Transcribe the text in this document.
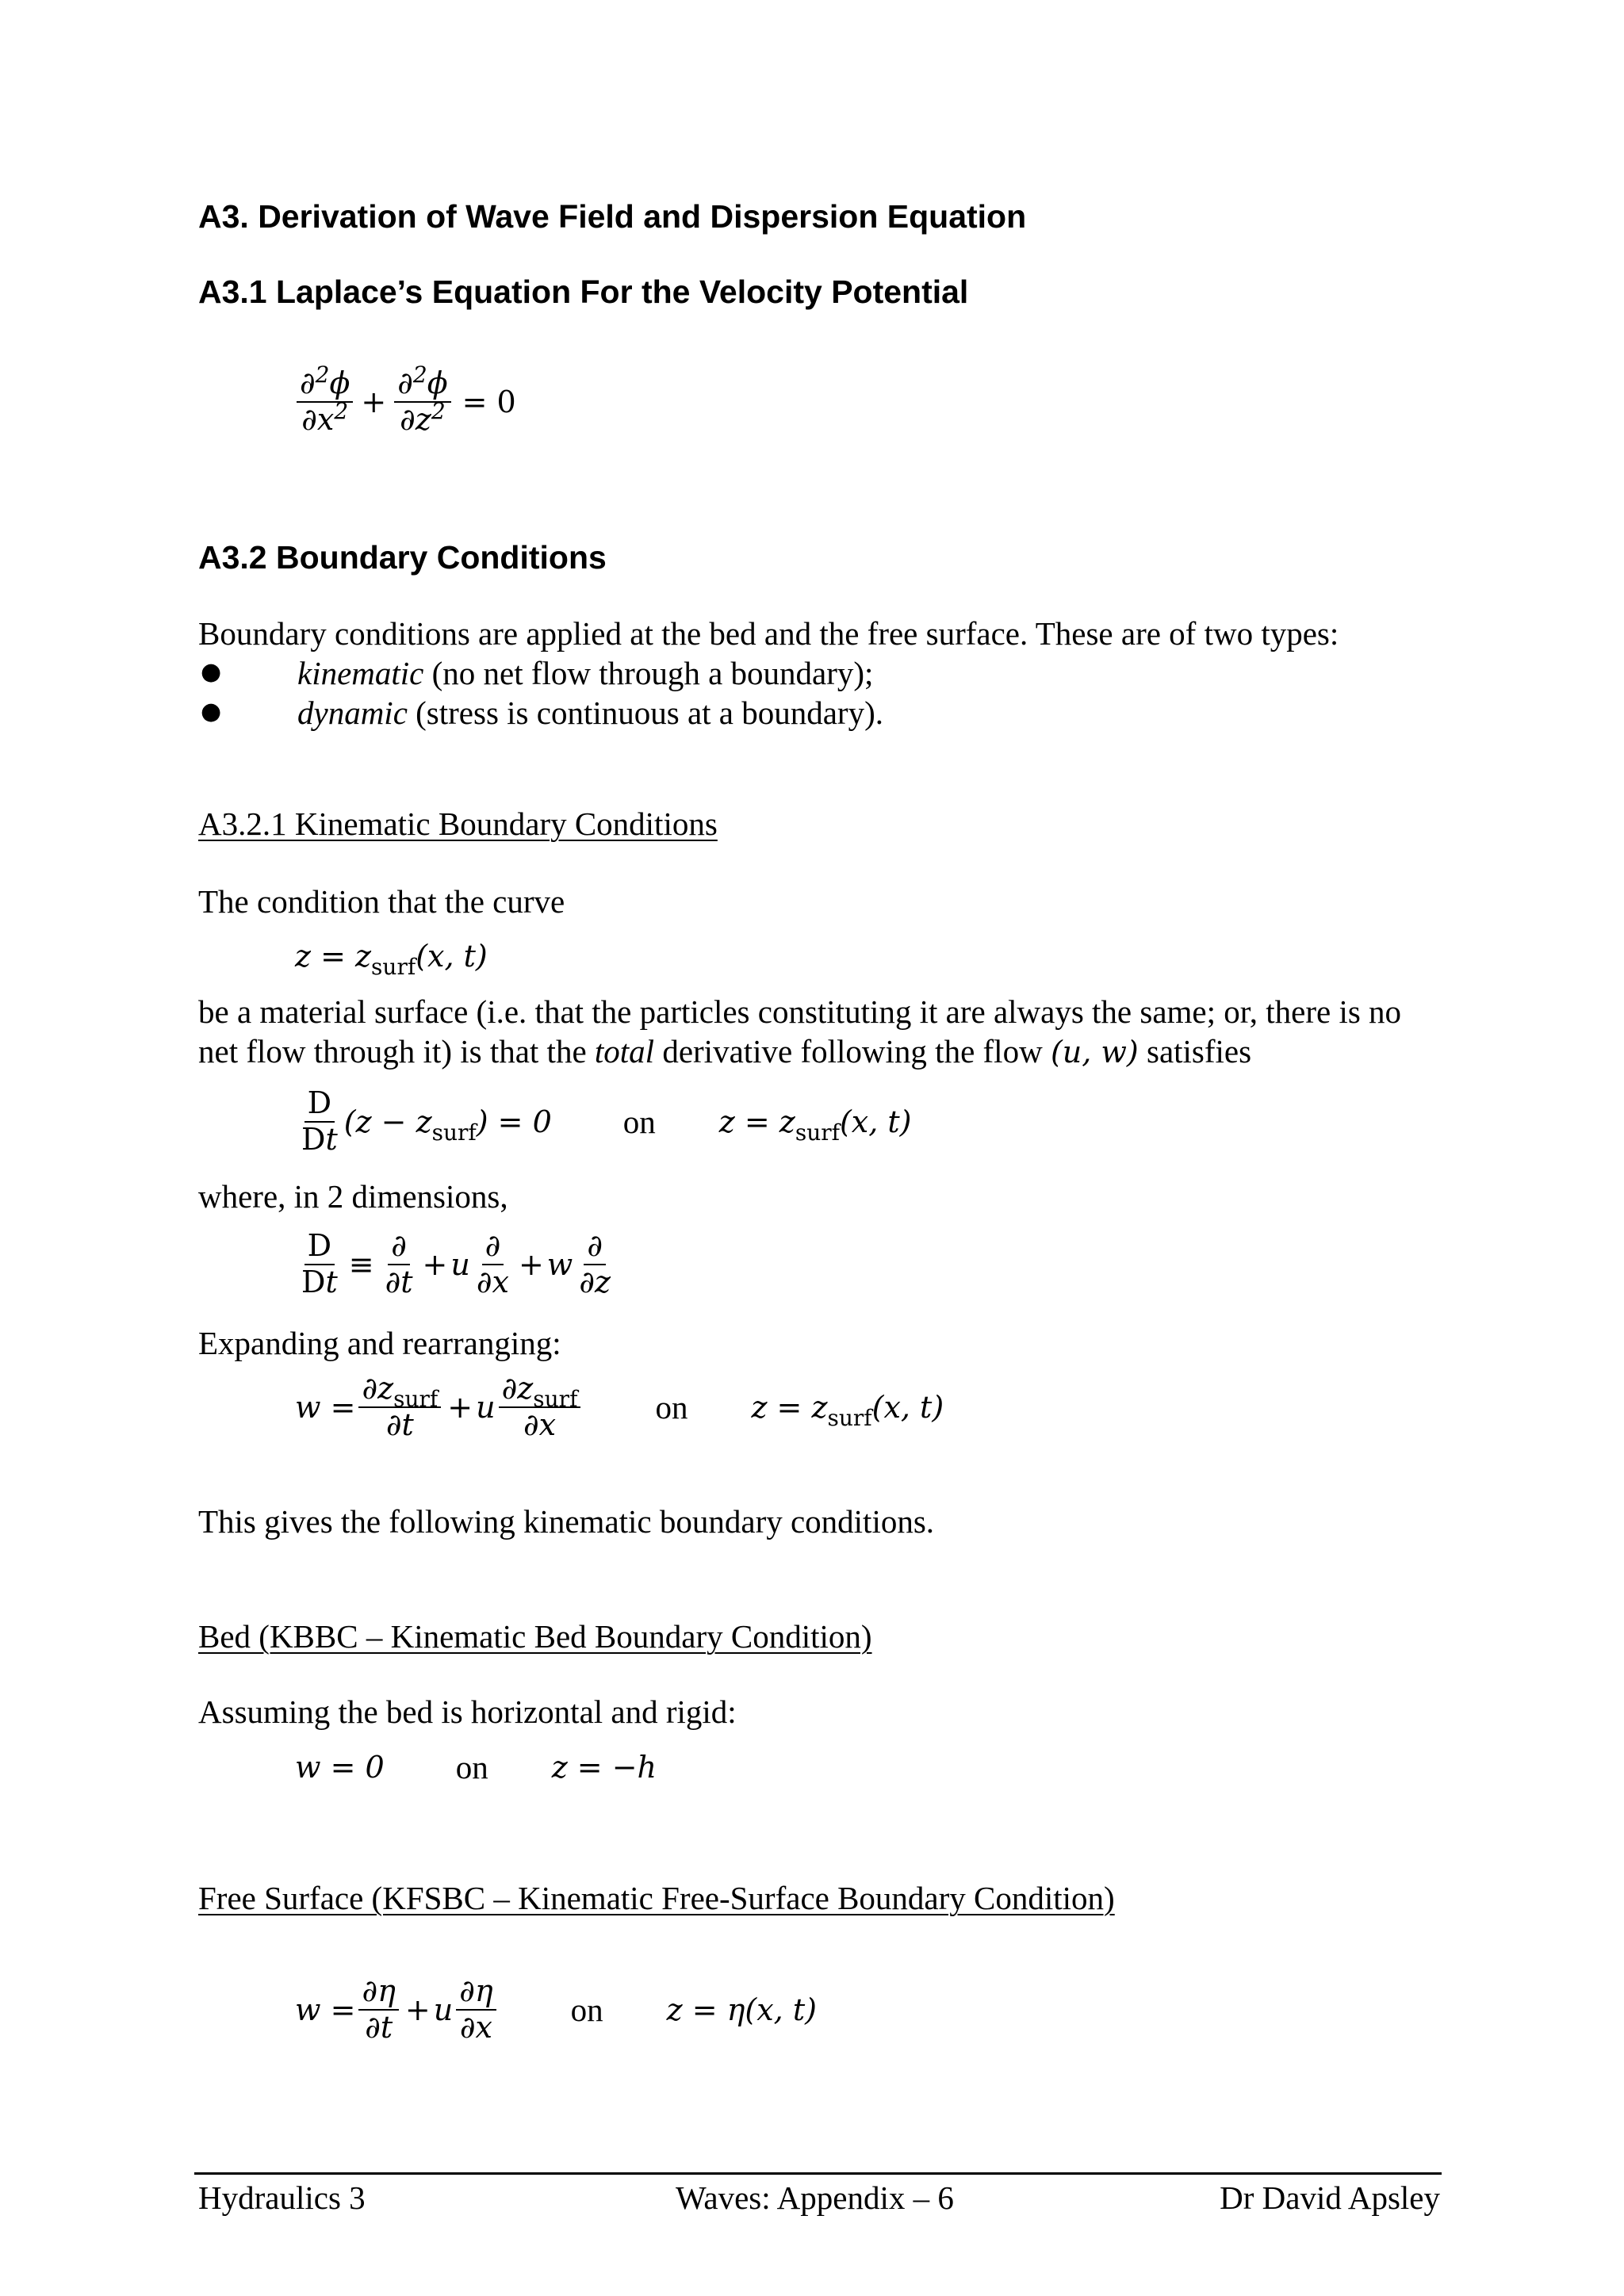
A3. Derivation of Wave Field and Dispersion Equation
A3.1 Laplace’s Equation For the Velocity Potential
$\frac{\partial^2\phi}{\partial x^2} + \frac{\partial^2\phi}{\partial z^2} = 0$
A3.2 Boundary Conditions
Boundary conditions are applied at the bed and the free surface. These are of two types:
● kinematic (no net flow through a boundary);
● dynamic (stress is continuous at a boundary).
A3.2.1 Kinematic Boundary Conditions
The condition that the curve
$z = z_{surf}(x$, t)
be a material surface (i.e. that the particles constituting it are always the same; or, there is no
net flow through it) is that the total derivative following the flow (u, w) satisfies
$\frac{D}{Dt} (z - z_{surf}) = 0$ on $z = z_{surf}(x$, t)
where, in 2 dimensions,
$\frac{D}{Dt} \equiv \frac{\partial}{\partial t} + u \frac{\partial}{\partial x} + w \frac{\partial}{\partial z}$
Expanding and rearranging:
$w = \frac{\partial z_{surf}}{\partial t} + u \frac{\partial z_{surf}}{\partial x}$ on $z = z_{surf}(x$, t)
This gives the following kinematic boundary conditions.
Bed (KBBC – Kinematic Bed Boundary Condition)
Assuming the bed is horizontal and rigid:
w = 0 on z = −h
Free Surface (KFSBC – Kinematic Free-Surface Boundary Condition)
$w = \frac{\partial\eta}{\partial t} + u \frac{\partial\eta}{\partial x}$ on z = η(x, t)
Hydraulics 3	Waves: Appendix – 6	Dr David Apsley
